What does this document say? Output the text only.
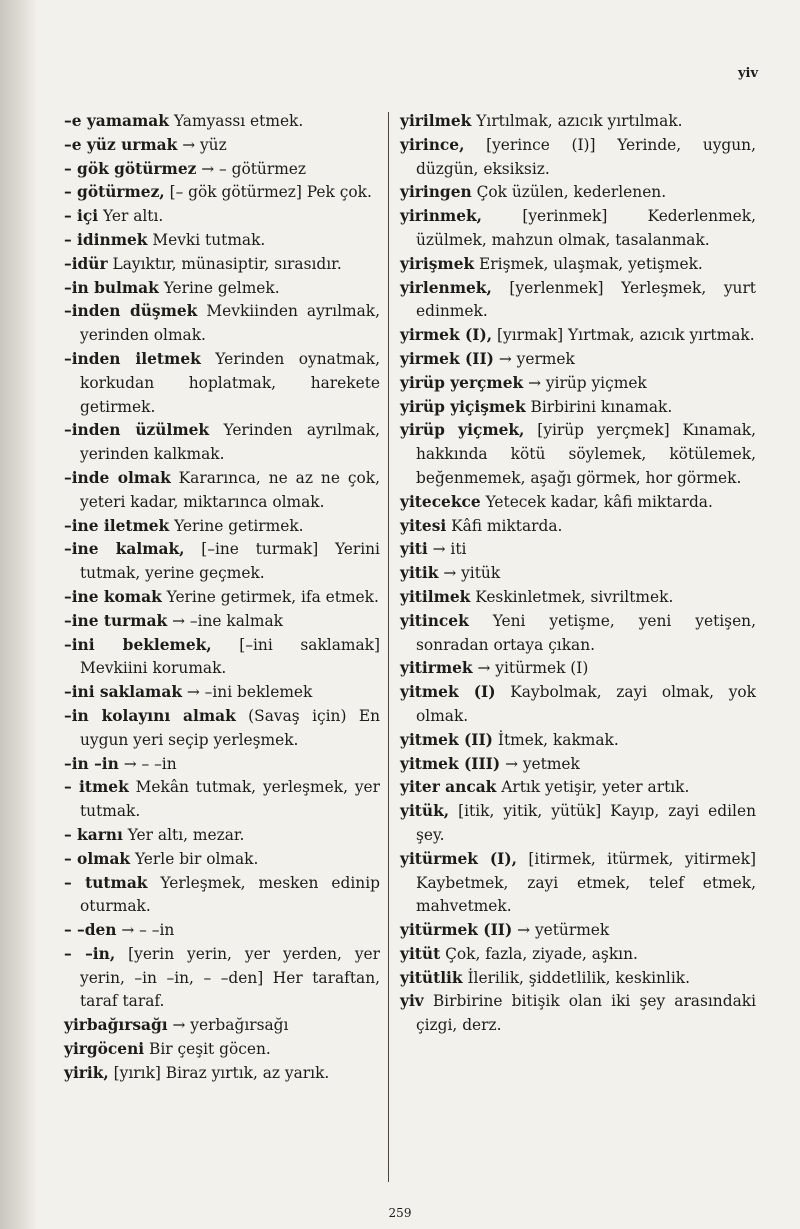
yiv

–e yamamak Yamyassı etmek.

–e yüz urmak → yüz

– gök götürmez → – götürmez

– götürmez, [– gök götürmez] Pek çok.

– içi Yer altı.

– idinmek Mevki tutmak.

–idür Layıktır, münasiptir, sırasıdır.

–in bulmak Yerine gelmek.

–inden düşmek Mevkiinden ayrılmak, yerinden olmak.

–inden iletmek Yerinden oynatmak, korkudan hoplatmak, harekete getirmek.

–inden üzülmek Yerinden ayrılmak, yerinden kalkmak.

–inde olmak Kararınca, ne az ne çok, yeteri kadar, miktarınca olmak.

–ine iletmek Yerine getirmek.

–ine kalmak, [–ine turmak] Yerini tutmak, yerine geçmek.

–ine komak Yerine getirmek, ifa etmek.

–ine turmak → –ine kalmak

–ini beklemek, [–ini saklamak] Mevkiini korumak.

–ini saklamak → –ini beklemek

–in kolayını almak (Savaş için) En uygun yeri seçip yerleşmek.

–in –in → – –in

– itmek Mekân tutmak, yerleşmek, yer tutmak.

– karnı Yer altı, mezar.

– olmak Yerle bir olmak.

– tutmak Yerleşmek, mesken edinip oturmak.

– –den → – –in

– –in, [yerin yerin, yer yerden, yer yerin, –in –in, – –den] Her taraftan, taraf taraf.

yirbağırsağı → yerbağırsağı

yirgöceni Bir çeşit göcen.

yirik, [yırık] Biraz yırtık, az yarık.

yirilmek Yırtılmak, azıcık yırtılmak.

yirince, [yerince (I)] Yerinde, uygun, düzgün, eksiksiz.

yiringen Çok üzülen, kederlenen.

yirinmek, [yerinmek] Kederlenmek, üzülmek, mahzun olmak, tasalanmak.

yirişmek Erişmek, ulaşmak, yetişmek.

yirlenmek, [yerlenmek] Yerleşmek, yurt edinmek.

yirmek (I), [yırmak] Yırtmak, azıcık yırtmak.

yirmek (II) → yermek

yirüp yerçmek → yirüp yiçmek

yirüp yiçişmek Birbirini kınamak.

yirüp yiçmek, [yirüp yerçmek] Kınamak, hakkında kötü söylemek, kötülemek, beğenmemek, aşağı görmek, hor görmek.

yitecekce Yetecek kadar, kâfi miktarda.

yitesi Kâfi miktarda.

yiti → iti

yitik → yitük

yitilmek Keskinletmek, sivriltmek.

yitincek Yeni yetişme, yeni yetişen, sonradan ortaya çıkan.

yitirmek → yitürmek (I)

yitmek (I) Kaybolmak, zayi olmak, yok olmak.

yitmek (II) İtmek, kakmak.

yitmek (III) → yetmek

yiter ancak Artık yetişir, yeter artık.

yitük, [itik, yitik, yütük] Kayıp, zayi edilen şey.

yitürmek (I), [itirmek, itürmek, yitirmek] Kaybetmek, zayi etmek, telef etmek, mahvetmek.

yitürmek (II) → yetürmek

yitüt Çok, fazla, ziyade, aşkın.

yitütlik İlerilik, şiddetlilik, keskinlik.

yiv Birbirine bitişik olan iki şey arasındaki çizgi, derz.

259
